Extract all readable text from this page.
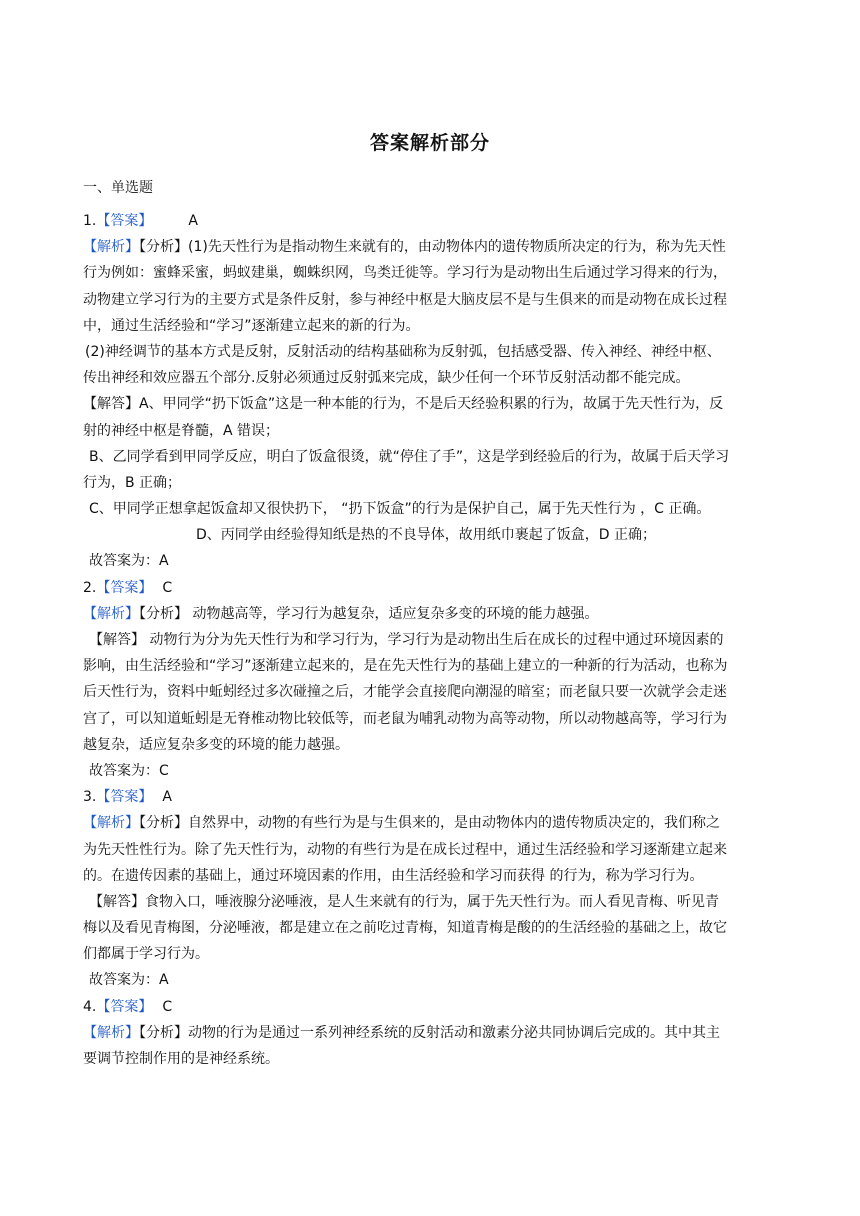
答案解析部分
一、单选题
1.【答案】	A
【解析】【分析】(1)先天性行为是指动物生来就有的，由动物体内的遗传物质所决定的行为，称为先天性
行为例如：蜜蜂采蜜，蚂蚁建巢，蜘蛛织网，鸟类迁徙等。学习行为是动物出生后通过学习得来的行为，
动物建立学习行为的主要方式是条件反射，参与神经中枢是大脑皮层不是与生俱来的而是动物在成长过程
中，通过生活经验和“学习”逐渐建立起来的新的行为。
(2)神经调节的基本方式是反射，反射活动的结构基础称为反射弧，包括感受器、传入神经、神经中枢、
传出神经和效应器五个部分.反射必须通过反射弧来完成，缺少任何一个环节反射活动都不能完成。
【解答】A、甲同学“扔下饭盒”这是一种本能的行为，不是后天经验积累的行为，故属于先天性行为，反
射的神经中枢是脊髓，A 错误；
B、乙同学看到甲同学反应，明白了饭盒很烫，就“停住了手”，这是学到经验后的行为，故属于后天学习
行为，B 正确；
C、甲同学正想拿起饭盒却又很快扔下， “扔下饭盒”的行为是保护自己，属于先天性行为 ，C 正确。
D、丙同学由经验得知纸是热的不良导体，故用纸巾裹起了饭盒，D 正确；
故答案为：A
2.【答案】 C
【解析】【分析】 动物越高等，学习行为越复杂，适应复杂多变的环境的能力越强。
【解答】 动物行为分为先天性行为和学习行为，学习行为是动物出生后在成长的过程中通过环境因素的
影响，由生活经验和“学习”逐渐建立起来的，是在先天性行为的基础上建立的一种新的行为活动，也称为
后天性行为，资料中蚯蚓经过多次碰撞之后，才能学会直接爬向潮湿的暗室；而老鼠只要一次就学会走迷
宫了，可以知道蚯蚓是无脊椎动物比较低等，而老鼠为哺乳动物为高等动物，所以动物越高等，学习行为
越复杂，适应复杂多变的环境的能力越强。
故答案为：C
3.【答案】 A
【解析】【分析】自然界中，动物的有些行为是与生俱来的，是由动物体内的遗传物质决定的，我们称之
为先天性性行为。除了先天性行为，动物的有些行为是在成长过程中，通过生活经验和学习逐渐建立起来
的。在遗传因素的基础上，通过环境因素的作用，由生活经验和学习而获得 的行为，称为学习行为。
【解答】食物入口，唾液腺分泌唾液，是人生来就有的行为，属于先天性行为。而人看见青梅、听见青
梅以及看见青梅图，分泌唾液，都是建立在之前吃过青梅，知道青梅是酸的的生活经验的基础之上，故它
们都属于学习行为。
故答案为：A
4.【答案】 C
【解析】【分析】动物的行为是通过一系列神经系统的反射活动和激素分泌共同协调后完成的。其中其主
要调节控制作用的是神经系统。
